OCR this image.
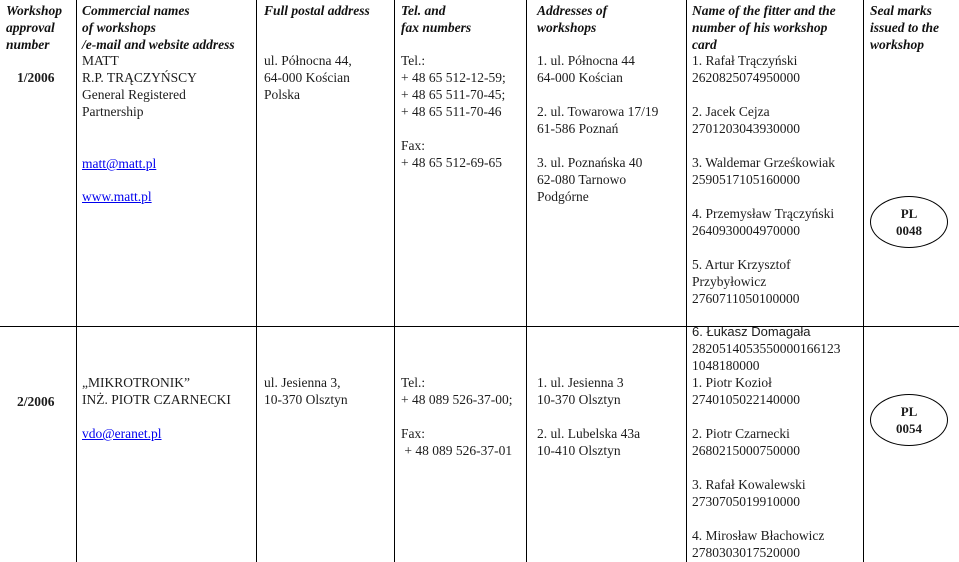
Workshop
approval
number
Commercial names
of workshops
/e-mail and website address
Full postal address Tel. and
fax numbers
Addresses of
workshops
Name of the fitter and the
number of his workshop
card
Seal marks
issued to the
workshop
1/2006
MATT
R.P. TRĄCZYŃSCY
General Registered
Partnership
matt@matt.pl
www.matt.pl
ul. Północna 44,
64-000 Kościan
Polska
Tel.:
+ 48 65 512-12-59;
+ 48 65 511-70-45;
+ 48 65 511-70-46
Fax:
+ 48 65 512-69-65
1. ul. Północna 44
64-000 Kościan
2. ul. Towarowa 17/19
61-586 Poznań
3. ul. Poznańska 40
62-080 Tarnowo
Podgórne
1. Rafał Trączyński
2620825074950000
2. Jacek Cejza
2701203043930000
3. Waldemar Grześkowiak
2590517105160000
4. Przemysław Trączyński
2640930004970000
5. Artur Krzysztof
Przybyłowicz
2760711050100000
6. Łukasz Domagała
2820514053550000166123
1048180000
PL
0048
2/2006
„MIKROTRONIK”
INŻ. PIOTR CZARNECKI
vdo@eranet.pl
ul. Jesienna 3,
10-370 Olsztyn
Tel.:
+ 48 089 526-37-00;
Fax:
+ 48 089 526-37-01
1. ul. Jesienna 3
10-370 Olsztyn
2. ul. Lubelska 43a
10-410 Olsztyn
1. Piotr Kozioł
2740105022140000
2. Piotr Czarnecki
2680215000750000
3. Rafał Kowalewski
2730705019910000
4. Mirosław Błachowicz
2780303017520000
PL
0054
